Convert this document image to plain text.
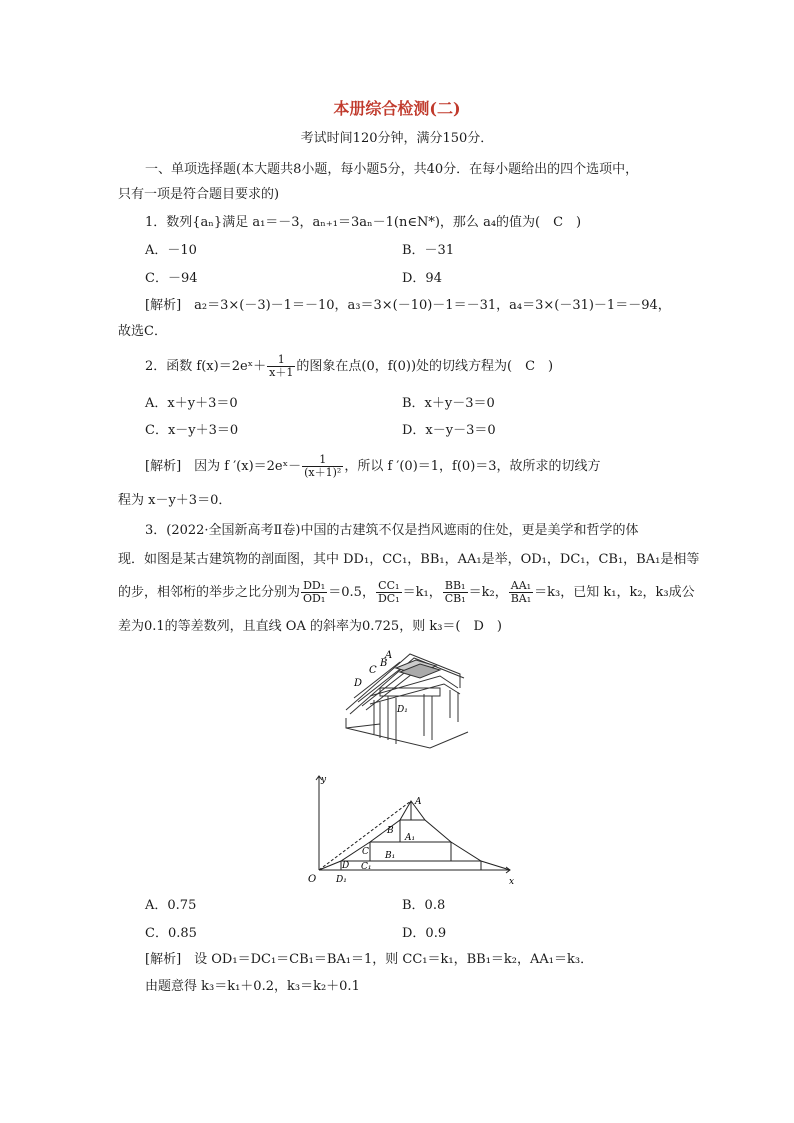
本册综合检测(二)
考试时间120分钟，满分150分．
一、单项选择题(本大题共8小题，每小题5分，共40分．在每小题给出的四个选项中，
只有一项是符合题目要求的)
1．数列{aₙ}满足 a₁＝－3，aₙ₊₁＝3aₙ－1(n∈N*)，那么 a₄的值为(　C　)
A．－10	B．－31
C．－94	D．94
[解析]　a₂＝3×(－3)－1＝－10，a₃＝3×(－10)－1＝－31，a₄＝3×(－31)－1＝－94，
故选C．
2．函数 f(x)＝2eˣ＋ $\frac{1}{x+1}$ 的图象在点(0，f(0))处的切线方程为(　C　)
A．x＋y＋3＝0	B．x＋y－3＝0
C．x－y＋3＝0	D．x－y－3＝0
[解析]　因为 f ′(x)＝2eˣ－ $\frac{1}{\text{(x＋1)²}}$ ，所以 f ′(0)＝1，f(0)＝3，故所求的切线方
程为 x－y＋3＝0．
3．(2022·全国新高考Ⅱ卷)中国的古建筑不仅是挡风遮雨的住处，更是美学和哲学的体
现．如图是某古建筑物的剖面图，其中 DD₁，CC₁，BB₁，AA₁是举，OD₁，DC₁，CB₁，BA₁是相等
的步，相邻桁的举步之比分别为 $\frac{\text{DD₁}}{\text{OD₁}} =0.5$， $\frac{\text{CC₁}}{\text{DC₁}} =k_1$， $\frac{\text{BB₁}}{\text{CB₁}} =k_2$， $\frac{\text{AA₁}}{\text{BA₁}} =k_3$，已知 k₁，k₂，k₃成公
差为0.1的等差数列，且直线 OA 的斜率为0.725，则 k₃＝(　D　)
A
B
C
D
D₁
y
x
O
A
B
A₁
C B₁
D C₁
D₁
A．0.75	B．0.8
C．0.85	D．0.9
[解析]　设 OD₁＝DC₁＝CB₁＝BA₁＝1，则 CC₁＝k₁，BB₁＝k₂，AA₁＝k₃．
由题意得 k₃＝k₁＋0.2，k₃＝k₂＋0.1
